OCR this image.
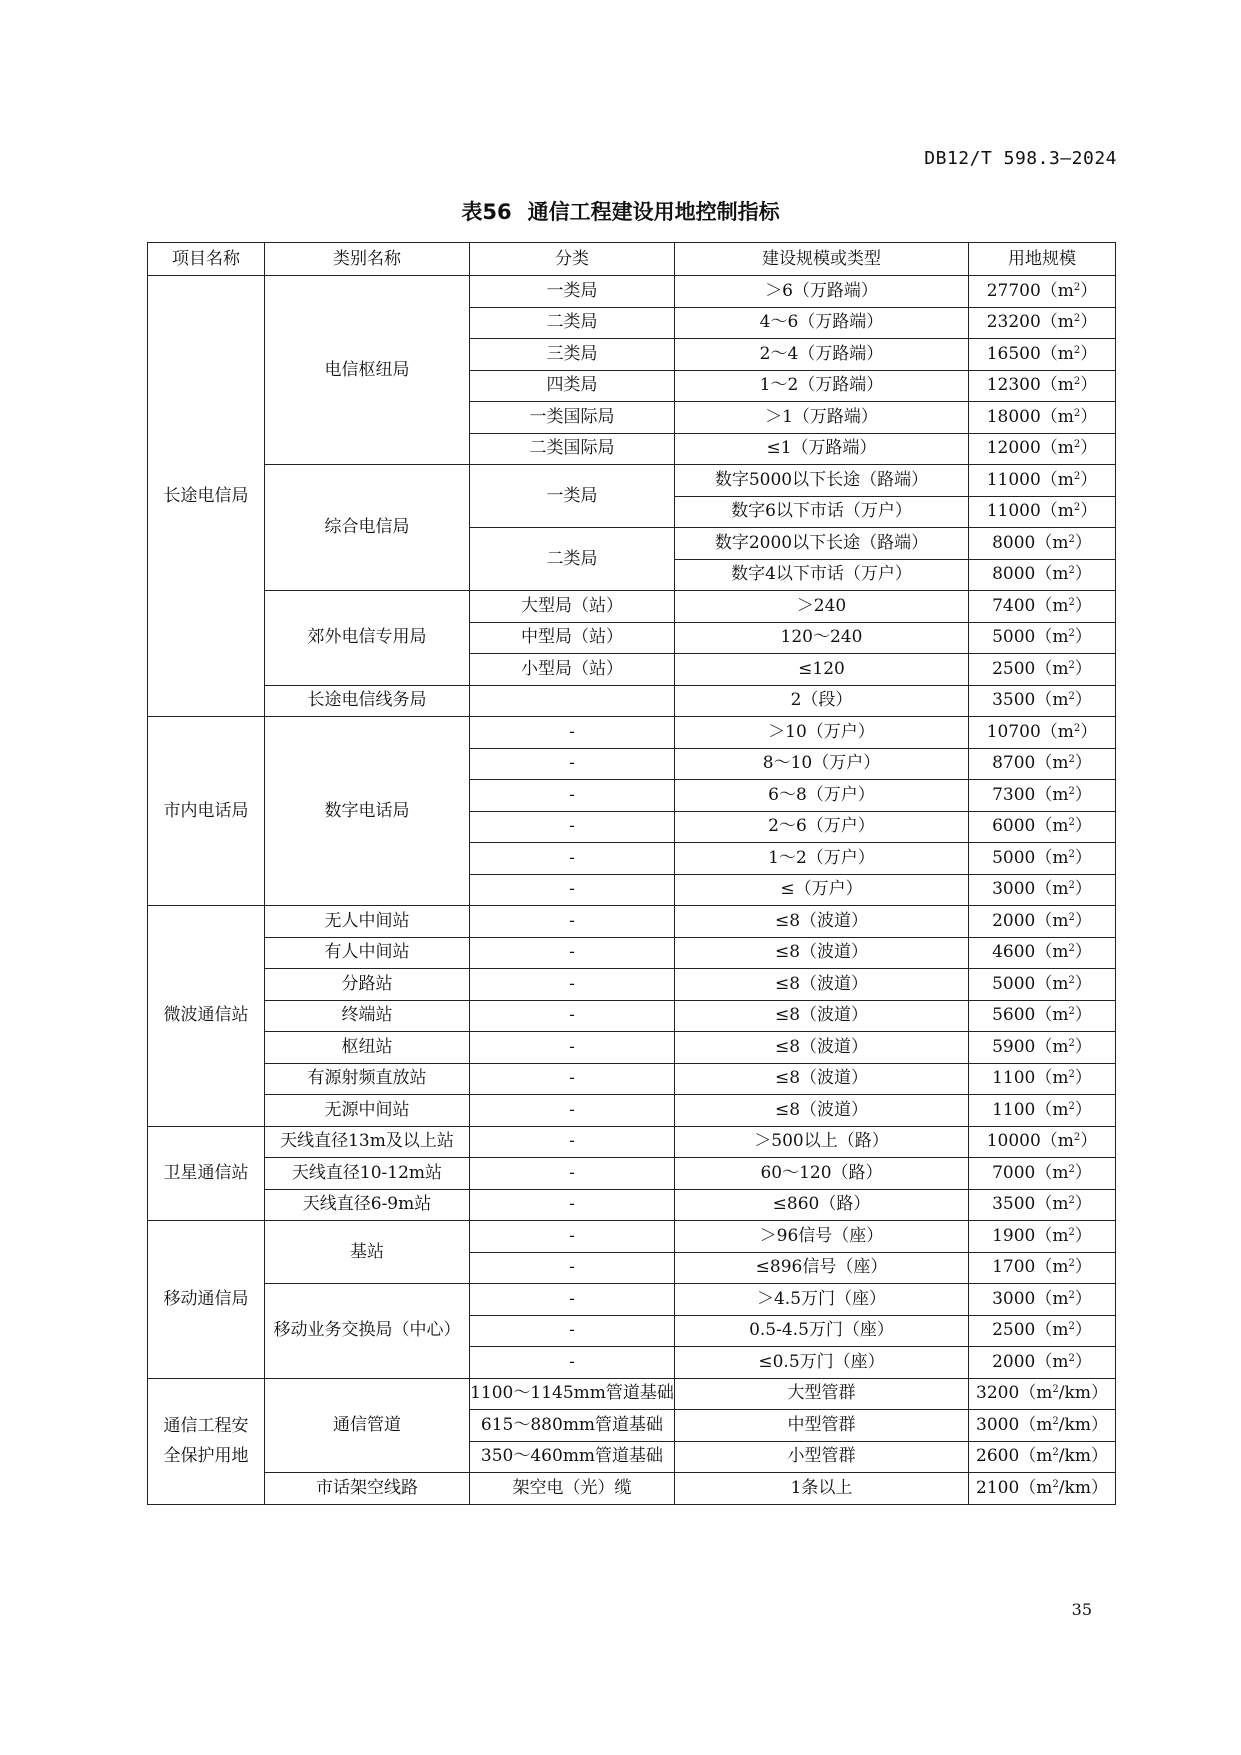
DB12/T 598.3—2024
表56 通信工程建设用地控制指标
项目名称	类别名称	分类	建设规模或类型	用地规模
长途电信局	电信枢纽局	一类局	＞6（万路端）	$27700(m^2)$
		二类局	4～6（万路端）	$23200(m^2)$
		三类局	2～4（万路端）	$16500(m^2)$
		四类局	1～2（万路端）	$12300(m^2)$
		一类国际局	＞1（万路端）	$18000(m^2)$
		二类国际局	≤1（万路端）	$12000(m^2)$
	综合电信局	一类局	数字5000以下长途（路端）	$11000(m^2)$
			数字6以下市话（万户）	$11000(m^2)$
		二类局	数字2000以下长途（路端）	$8000(m^2)$
			数字4以下市话（万户）	$8000(m^2)$
	郊外电信专用局	大型局（站）	＞240	$7400(m^2)$
		中型局（站）	120～240	$5000(m^2)$
		小型局（站）	≤120	$2500(m^2)$
	长途电信线务局		2（段）	$3500(m^2)$
市内电话局	数字电话局	-	＞10（万户）	$10700(m^2)$
		-	8～10（万户）	$8700(m^2)$
		-	6～8（万户）	$7300(m^2)$
		-	2～6（万户）	$6000(m^2)$
		-	1～2（万户）	$5000(m^2)$
		-	≤（万户）	$3000(m^2)$
微波通信站	无人中间站	-	≤8（波道）	$2000(m^2)$
	有人中间站	-	≤8（波道）	$4600(m^2)$
	分路站	-	≤8（波道）	$5000(m^2)$
	终端站	-	≤8（波道）	$5600(m^2)$
	枢纽站	-	≤8（波道）	$5900(m^2)$
	有源射频直放站	-	≤8（波道）	$1100(m^2)$
	无源中间站	-	≤8（波道）	$1100(m^2)$
卫星通信站	天线直径13m及以上站	-	＞500以上（路）	$10000(m^2)$
	天线直径10-12m站	-	60～120（路）	$7000(m^2)$
	天线直径6-9m站	-	≤860（路）	$3500(m^2)$
移动通信局	基站	-	＞96信号（座）	$1900(m^2)$
		-	≤896信号（座）	$1700(m^2)$
	移动业务交换局（中心）	-	＞4.5万门（座）	$3000(m^2)$
		-	0.5-4.5万门（座）	$2500(m^2)$
		-	≤0.5万门（座）	$2000(m^2)$
通信工程安
全保护用地	通信管道	1100～1145mm管道基础	大型管群	$3200(m^2/km)$
		615～880mm管道基础	中型管群	$3000(m^2/km)$
		350～460mm管道基础	小型管群	$2600(m^2/km)$
	市话架空线路	架空电（光）缆	1条以上	$2100(m^2/km)$
35
